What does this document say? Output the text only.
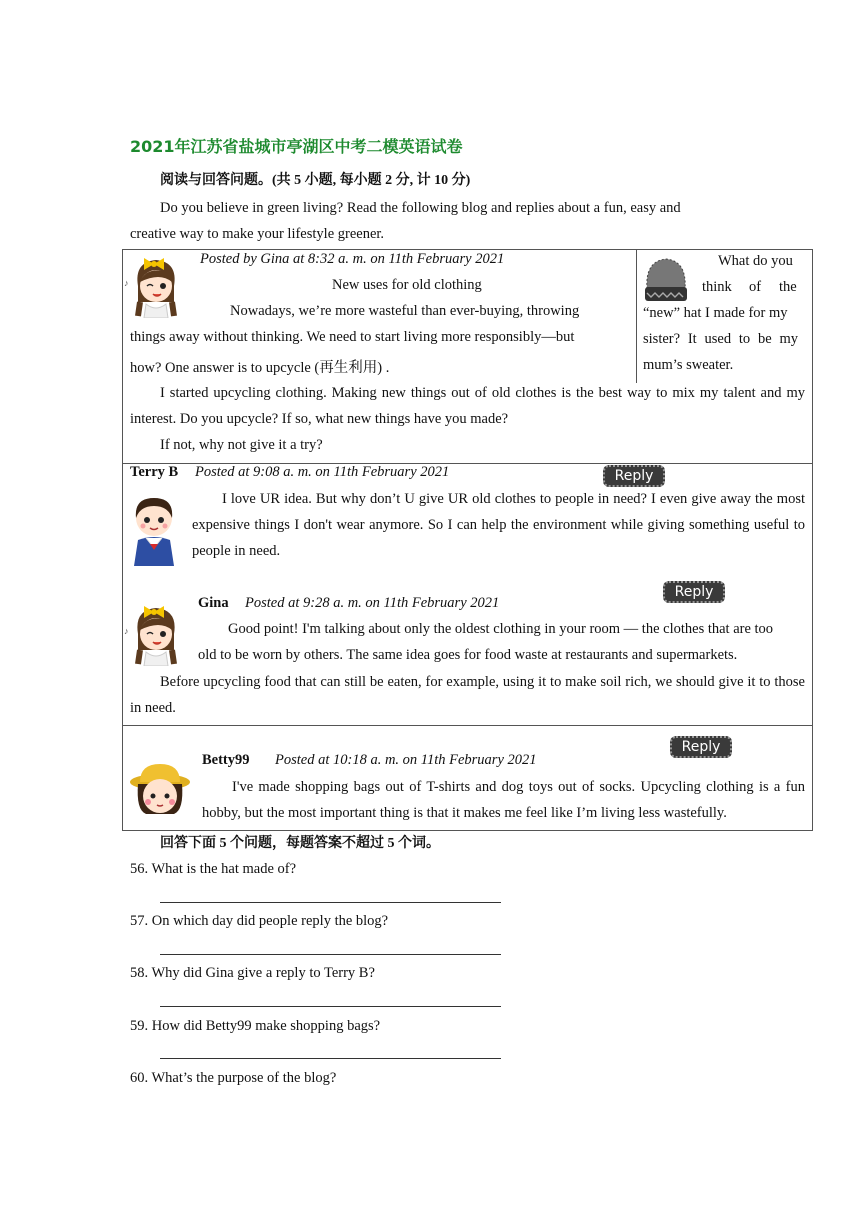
2021年江苏省盐城市亭湖区中考二模英语试卷
阅读与回答问题。(共 5 小题, 每小题 2 分, 计 10 分)
Do you believe in green living? Read the following blog and replies about a fun, easy and
creative way to make your lifestyle greener.
♪
Posted by Gina at 8:32 a. m. on 11th February 2021
New uses for old clothing
Nowadays, we’re more wasteful than ever-buying, throwing
things away without thinking. We need to start living more responsibly—but
how? One answer is to upcycle (再生利用) .
What do you
think of the
“new” hat I made for my
sister? It used to be my
mum’s sweater.
I started upcycling clothing. Making new things out of old clothes is the best way to mix my talent and my interest. Do you upcycle? If so, what new things have you made?
If not, why not give it a try?
Terry B Posted at 9:08 a. m. on 11th February 2021	Reply
I love UR idea. But why don’t U give UR old clothes to people in need? I even give away the most expensive things I don't wear anymore. So I can help the environment while giving something useful to people in need.
Gina Posted at 9:28 a. m. on 11th February 2021
Reply
♪	Good point! I'm talking about only the oldest clothing in your room — the clothes that are too
old to be worn by others. The same idea goes for food waste at restaurants and supermarkets.
Before upcycling food that can still be eaten, for example, using it to make soil rich, we should give it to those in need.
Betty99 Posted at 10:18 a. m. on 11th February 2021
Reply
I've made shopping bags out of T-shirts and dog toys out of socks. Upcycling clothing is a fun hobby, but the most important thing is that it makes me feel like I’m living less wastefully.
回答下面 5 个问题，每题答案不超过 5 个词。
56. What is the hat made of?
57. On which day did people reply the blog?
58. Why did Gina give a reply to Terry B?
59. How did Betty99 make shopping bags?
60. What’s the purpose of the blog?
